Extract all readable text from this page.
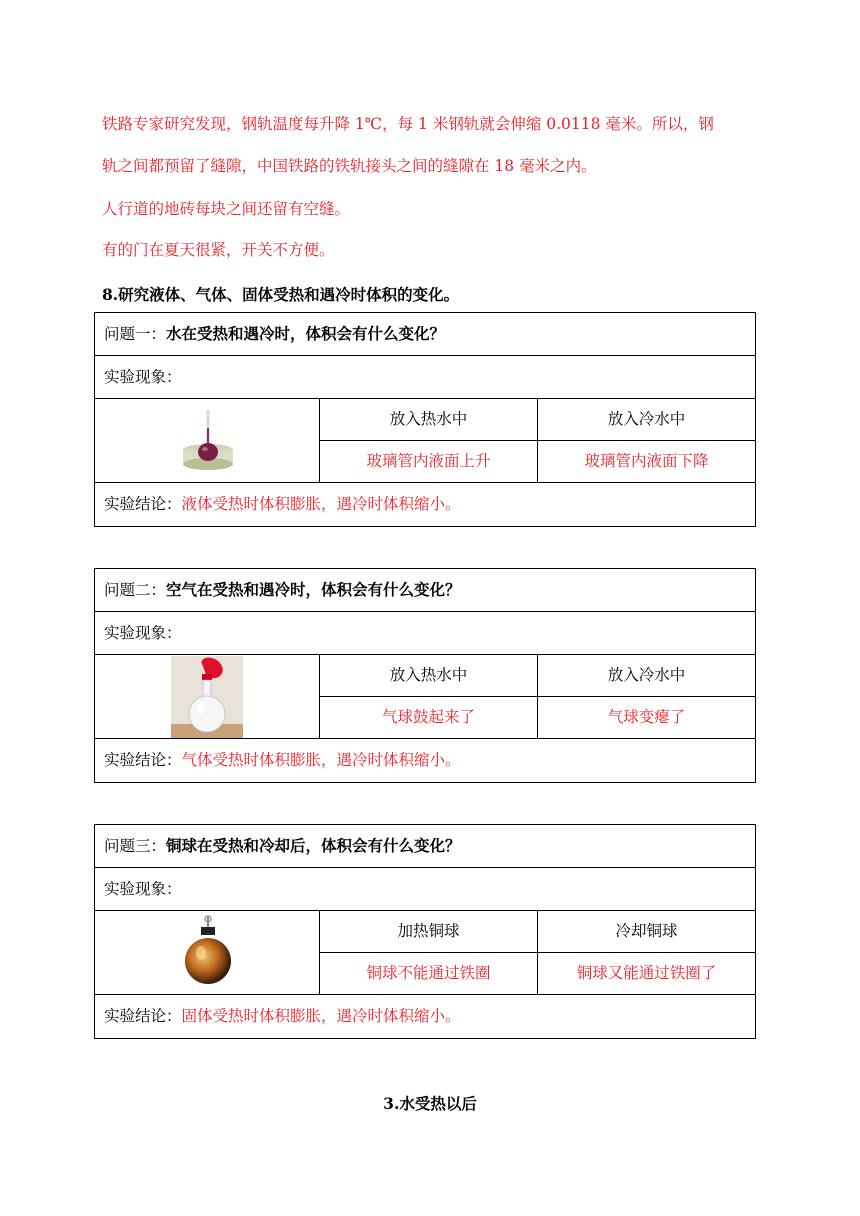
铁路专家研究发现，钢轨温度每升降 1℃，每 1 米钢轨就会伸缩 0.0118 毫米。所以，钢
轨之间都预留了缝隙，中国铁路的铁轨接头之间的缝隙在 18 毫米之内。
人行道的地砖每块之间还留有空缝。
有的门在夏天很紧，开关不方便。
8.研究液体、气体、固体受热和遇冷时体积的变化。
问题一：水在受热和遇冷时，体积会有什么变化？
实验现象：
放入热水中	放入冷水中
玻璃管内液面上升	玻璃管内液面下降
实验结论：液体受热时体积膨胀，遇冷时体积缩小。
问题二：空气在受热和遇冷时，体积会有什么变化？
实验现象：
放入热水中	放入冷水中
气球鼓起来了	气球变瘪了
实验结论：气体受热时体积膨胀，遇冷时体积缩小。
问题三：铜球在受热和冷却后，体积会有什么变化？
实验现象：
加热铜球	冷却铜球
铜球不能通过铁圈	铜球又能通过铁圈了
实验结论：固体受热时体积膨胀，遇冷时体积缩小。
3.水受热以后
